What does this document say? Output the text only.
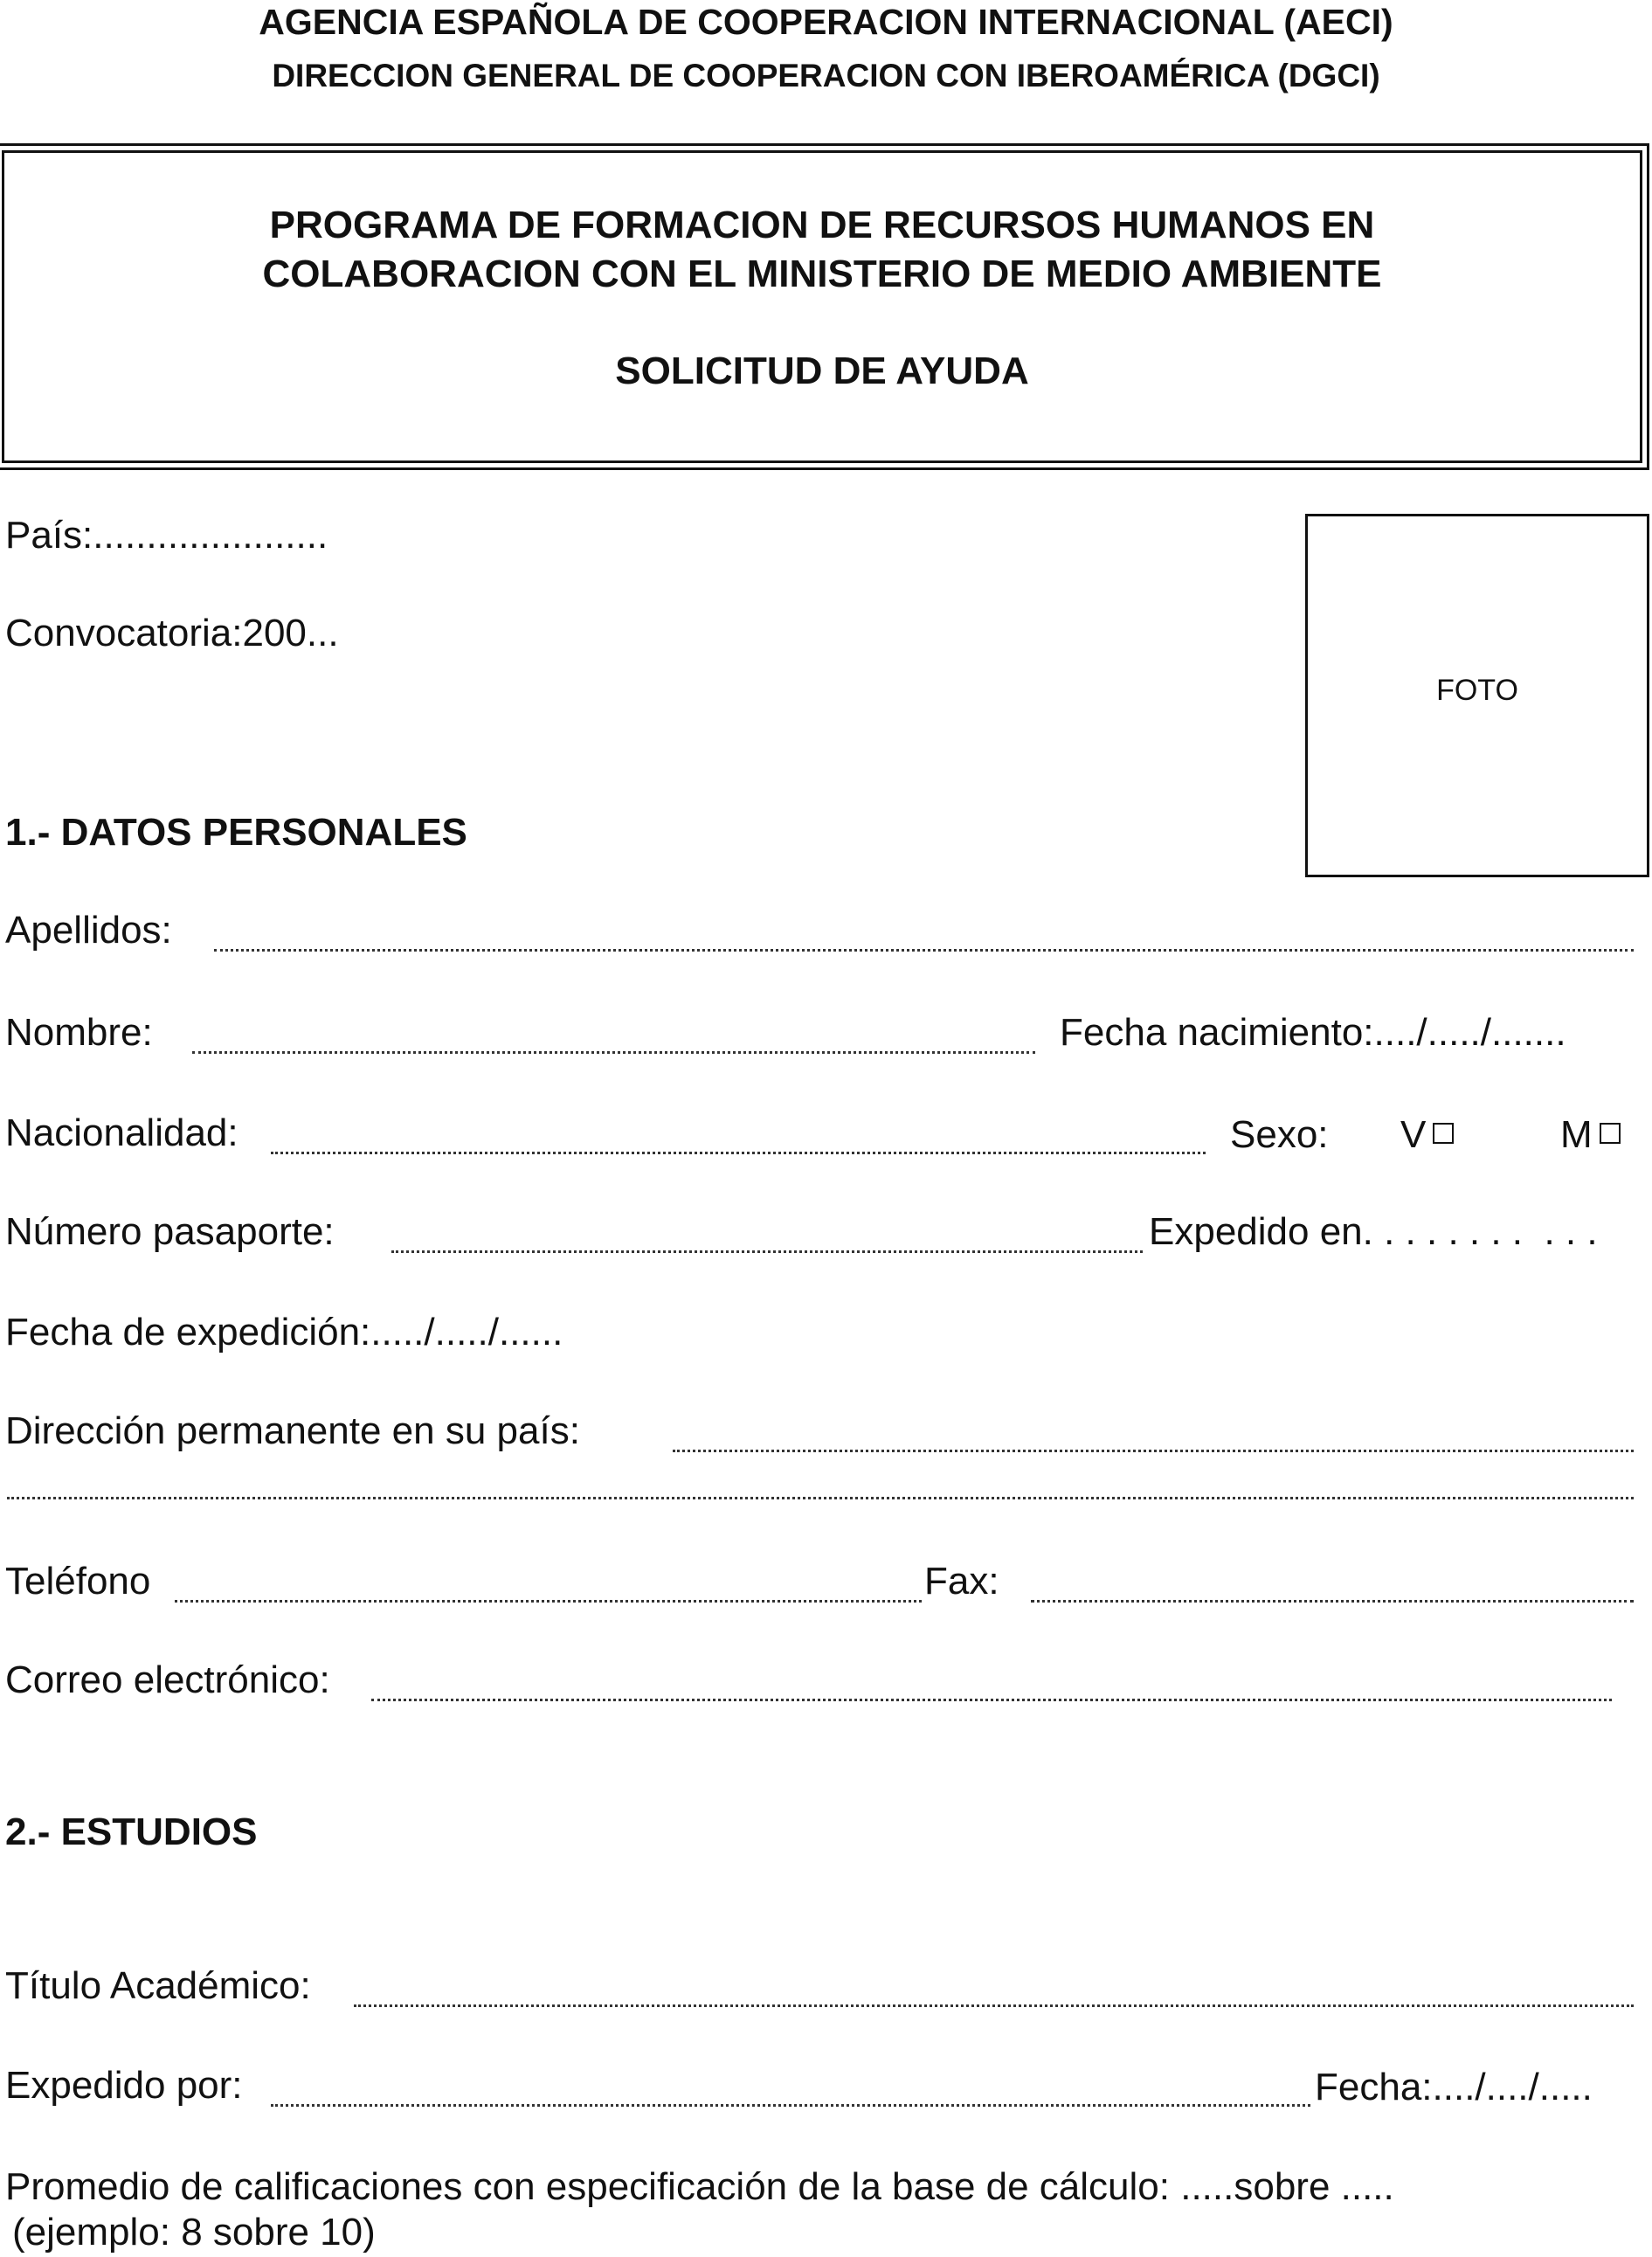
AGENCIA ESPAÑOLA DE COOPERACION INTERNACIONAL (AECI)
DIRECCION GENERAL DE COOPERACION CON IBEROAMÉRICA (DGCI)
PROGRAMA DE FORMACION DE RECURSOS HUMANOS EN
COLABORACION CON EL MINISTERIO DE MEDIO AMBIENTE
SOLICITUD DE AYUDA
FOTO
País:......................
Convocatoria:200...
1.- DATOS PERSONALES
Apellidos:
Nombre:	Fecha nacimiento:..../...../.......
Nacionalidad:	Sexo: V	M
Número pasaporte:	Expedido en. . . . . . . .  . . .
Fecha de expedición:...../...../......
Dirección permanente en su país:
Teléfono	Fax:
Correo electrónico:
2.- ESTUDIOS
Título Académico:
Expedido por:	Fecha:..../..../.....
Promedio de calificaciones con especificación de la base de cálculo: .....sobre .....
(ejemplo: 8 sobre 10)
